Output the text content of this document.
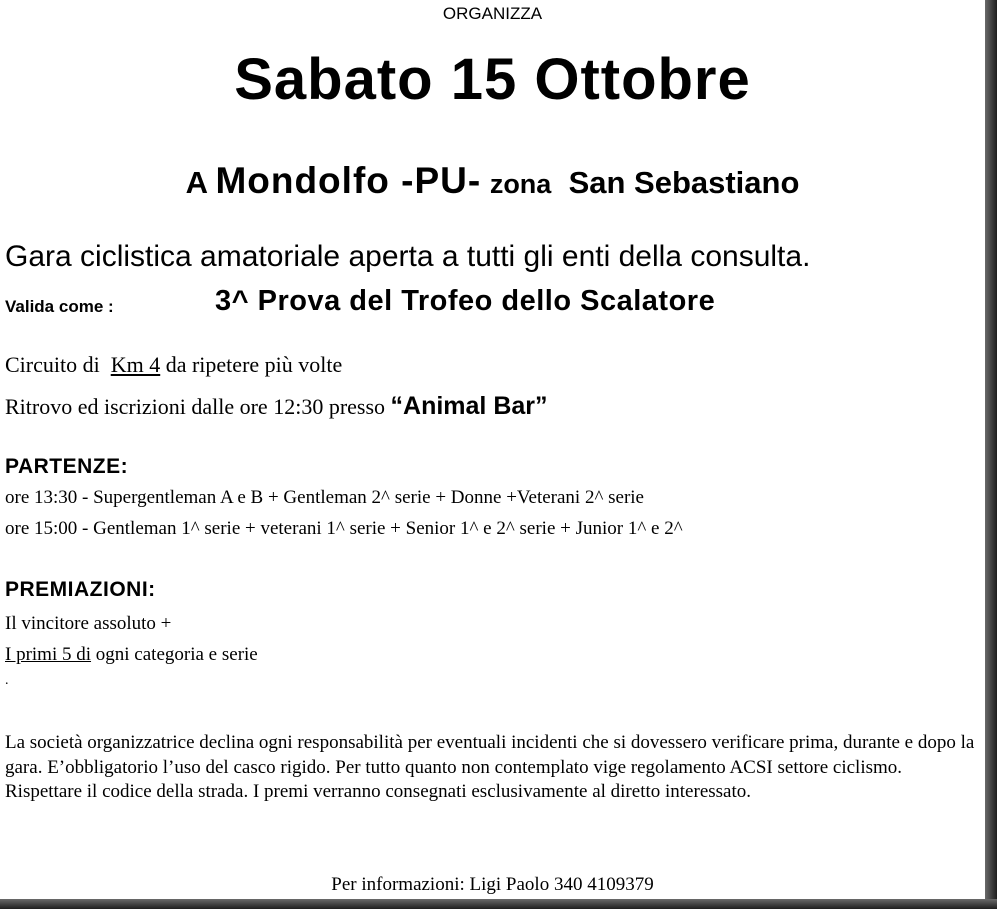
ORGANIZZA
Sabato 15 Ottobre
A Mondolfo -PU- zona San Sebastiano
Gara ciclistica amatoriale aperta a tutti gli enti della consulta.
Valida come :	3^ Prova del Trofeo dello Scalatore
Circuito di Km 4 da ripetere più volte
Ritrovo ed iscrizioni dalle ore 12:30 presso “Animal Bar”
PARTENZE:
ore 13:30 - Supergentleman A e B + Gentleman 2^ serie + Donne +Veterani 2^ serie
ore 15:00 - Gentleman 1^ serie + veterani 1^ serie + Senior 1^ e 2^ serie + Junior 1^ e 2^
PREMIAZIONI:
Il vincitore assoluto +
I primi 5 di ogni categoria e serie
.
La società organizzatrice declina ogni responsabilità per eventuali incidenti che si dovessero verificare prima, durante e dopo la gara. E’obbligatorio l’uso del casco rigido. Per tutto quanto non contemplato vige regolamento ACSI settore ciclismo. Rispettare il codice della strada. I premi verranno consegnati esclusivamente al diretto interessato.
Per informazioni: Ligi Paolo 340 4109379
